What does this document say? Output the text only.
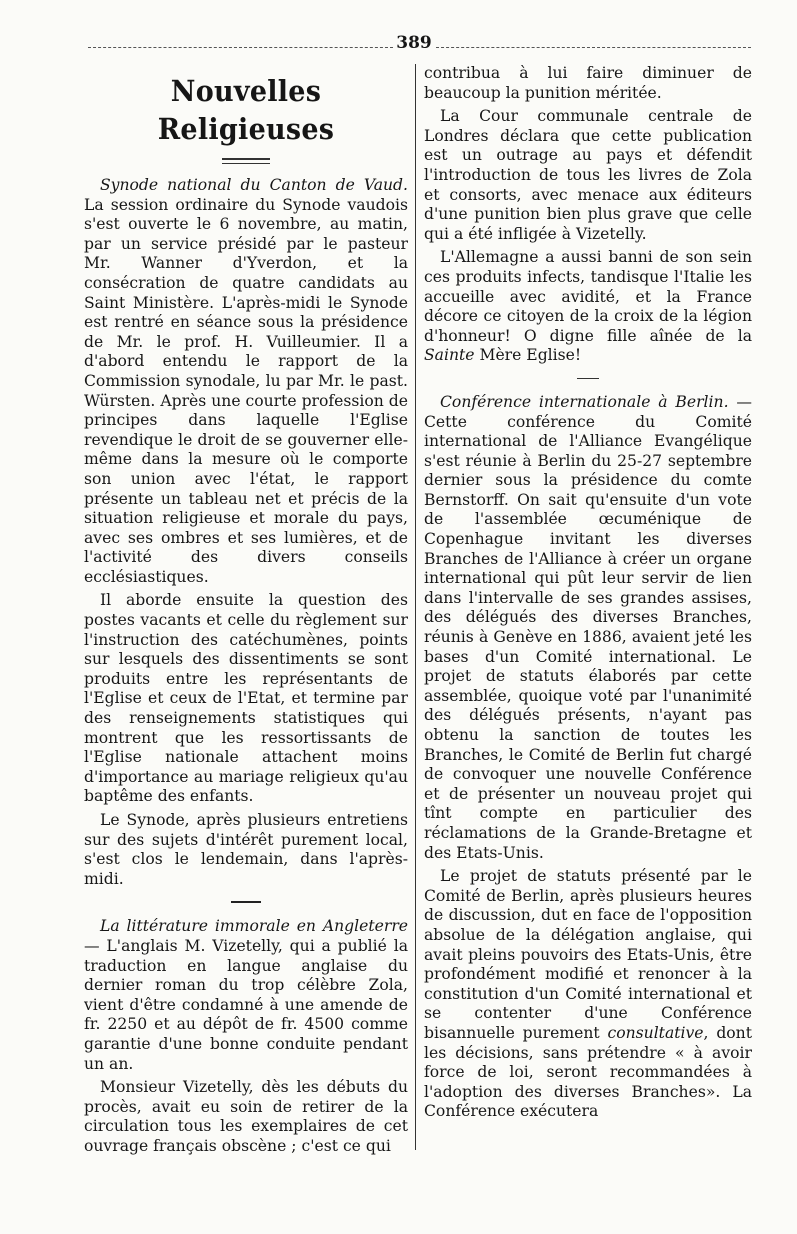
389
Nouvelles Religieuses

Synode national du Canton de Vaud. La session ordinaire du Synode vaudois s'est ouverte le 6 novembre, au matin, par un service présidé par le pasteur Mr. Wanner d'Yverdon, et la consécration de quatre candidats au Saint Ministère. L'après-midi le Synode est rentré en séance sous la présidence de Mr. le prof. H. Vuilleumier. Il a d'abord entendu le rapport de la Commission synodale, lu par Mr. le past. Würsten. Après une courte profession de principes dans laquelle l'Eglise revendique le droit de se gouverner elle-même dans la mesure où le comporte son union avec l'état, le rapport présente un tableau net et précis de la situation religieuse et morale du pays, avec ses ombres et ses lumières, et de l'activité des divers conseils ecclésiastiques.

Il aborde ensuite la question des postes vacants et celle du règlement sur l'instruction des catéchumènes, points sur lesquels des dissentiments se sont produits entre les représentants de l'Eglise et ceux de l'Etat, et termine par des renseignements statistiques qui montrent que les ressortissants de l'Eglise nationale attachent moins d'importance au mariage religieux qu'au baptême des enfants.

Le Synode, après plusieurs entretiens sur des sujets d'intérêt purement local, s'est clos le lendemain, dans l'après-midi.

La littérature immorale en Angleterre — L'anglais M. Vizetelly, qui a publié la traduction en langue anglaise du dernier roman du trop célèbre Zola, vient d'être condamné à une amende de fr. 2250 et au dépôt de fr. 4500 comme garantie d'une bonne conduite pendant un an.

Monsieur Vizetelly, dès les débuts du procès, avait eu soin de retirer de la circulation tous les exemplaires de cet ouvrage français obscène ; c'est ce qui

contribua à lui faire diminuer de beaucoup la punition méritée.

La Cour communale centrale de Londres déclara que cette publication est un outrage au pays et défendit l'introduction de tous les livres de Zola et consorts, avec menace aux éditeurs d'une punition bien plus grave que celle qui a été infligée à Vizetelly.

L'Allemagne a aussi banni de son sein ces produits infects, tandisque l'Italie les accueille avec avidité, et la France décore ce citoyen de la croix de la légion d'honneur! O digne fille aînée de la Sainte Mère Eglise!

Conférence internationale à Berlin. — Cette conférence du Comité international de l'Alliance Evangélique s'est réunie à Berlin du 25-27 septembre dernier sous la présidence du comte Bernstorff. On sait qu'ensuite d'un vote de l'assemblée œcuménique de Copenhague invitant les diverses Branches de l'Alliance à créer un organe international qui pût leur servir de lien dans l'intervalle de ses grandes assises, des délégués des diverses Branches, réunis à Genève en 1886, avaient jeté les bases d'un Comité international. Le projet de statuts élaborés par cette assemblée, quoique voté par l'unanimité des délégués présents, n'ayant pas obtenu la sanction de toutes les Branches, le Comité de Berlin fut chargé de convoquer une nouvelle Conférence et de présenter un nouveau projet qui tînt compte en particulier des réclamations de la Grande-Bretagne et des Etats-Unis.

Le projet de statuts présenté par le Comité de Berlin, après plusieurs heures de discussion, dut en face de l'opposition absolue de la délégation anglaise, qui avait pleins pouvoirs des Etats-Unis, être profondément modifié et renoncer à la constitution d'un Comité international et se contenter d'une Conférence bisannuelle purement consultative, dont les décisions, sans prétendre « à avoir force de loi, seront recommandées à l'adoption des diverses Branches». La Conférence exécutera
